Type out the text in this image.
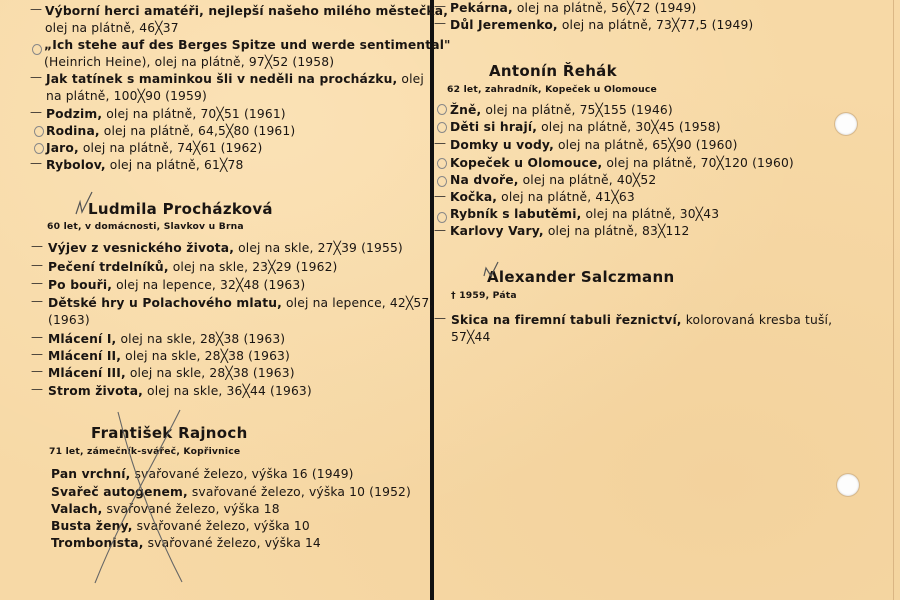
—
Výborní herci amatéři, nejlepší našeho milého městečka,
olej na plátně, 46╳37
„Ich stehe auf des Berges Spitze und werde sentimental"
(Heinrich Heine), olej na plátně, 97╳52 (1958)
—
Jak tatínek s maminkou šli v neděli na procházku, olej
na plátně, 100╳90 (1959)
—
Podzim, olej na plátně, 70╳51 (1961)
Rodina, olej na plátně, 64,5╳80 (1961)
Jaro, olej na plátně, 74╳61 (1962)
—
Rybolov, olej na plátně, 61╳78
Ludmila Procházková
60 let, v domácnosti, Slavkov u Brna
—
Výjev z vesnického života, olej na skle, 27╳39 (1955)
—
Pečení trdelníků, olej na skle, 23╳29 (1962)
—
Po bouři, olej na lepence, 32╳48 (1963)
—
Dětské hry u Polachového mlatu, olej na lepence, 42╳57,
(1963)
—
Mlácení I, olej na skle, 28╳38 (1963)
—
Mlácení II, olej na skle, 28╳38 (1963)
—
Mlácení III, olej na skle, 28╳38 (1963)
—
Strom života, olej na skle, 36╳44 (1963)
František Rajnoch
71 let, zámečník-svářeč, Kopřivnice
Pan vrchní, svařované železo, výška 16 (1949)
Svařeč autogenem, svařované železo, výška 10 (1952)
Valach, svařované železo, výška 18
Busta ženy, svařované železo, výška 10
Trombonista, svařované železo, výška 14
—
Pekárna, olej na plátně, 56╳72 (1949)
—
Důl Jeremenko, olej na plátně, 73╳77,5 (1949)
Antonín Řehák
62 let, zahradník, Kopeček u Olomouce
Žně, olej na plátně, 75╳155 (1946)
Děti si hrají, olej na plátně, 30╳45 (1958)
—
Domky u vody, olej na plátně, 65╳90 (1960)
Kopeček u Olomouce, olej na plátně, 70╳120 (1960)
Na dvoře, olej na plátně, 40╳52
—
Kočka, olej na plátně, 41╳63
Rybník s labutěmi, olej na plátně, 30╳43
—
Karlovy Vary, olej na plátně, 83╳112
Alexander Salczmann
† 1959, Páta
—
Skica na firemní tabuli řeznictví, kolorovaná kresba tuší,
57╳44
